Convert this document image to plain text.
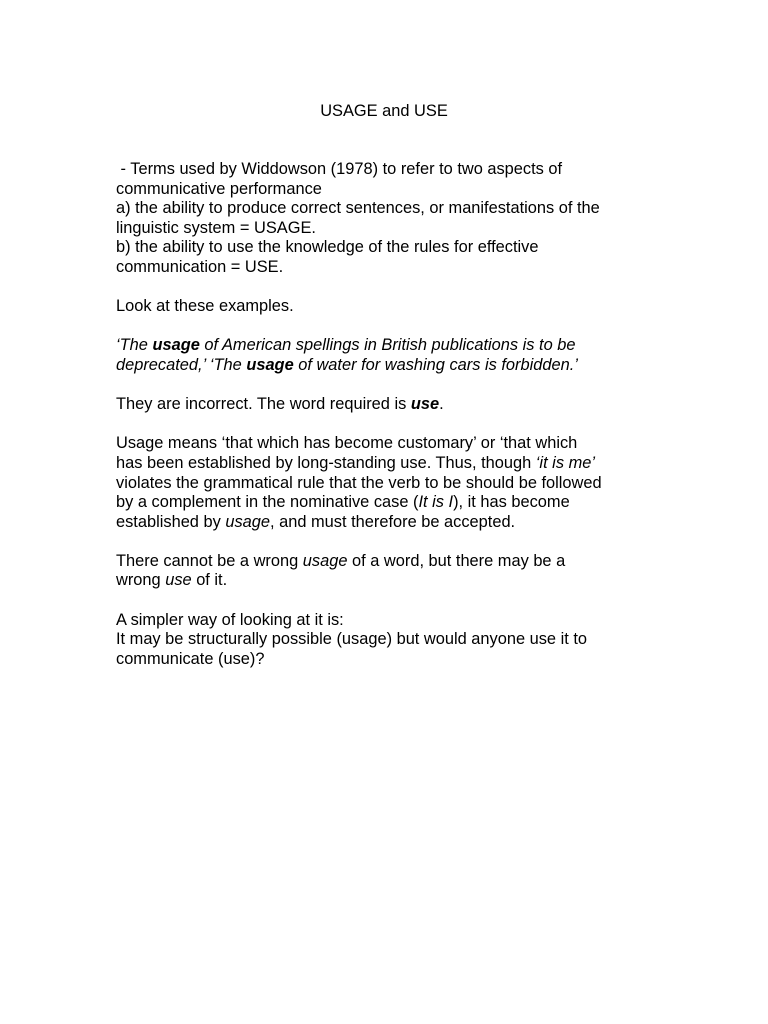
USAGE and USE

- Terms used by Widdowson (1978) to refer to two aspects of

communicative performance

a) the ability to produce correct sentences, or manifestations of the

linguistic system = USAGE.

b) the ability to use the knowledge of the rules for effective

communication = USE.

Look at these examples.

‘The usage of American spellings in British publications is to be

deprecated,’ ‘The usage of water for washing cars is forbidden.’

They are incorrect. The word required is use.

Usage means ‘that which has become customary’ or ‘that which

has been established by long-standing use. Thus, though ‘it is me’

violates the grammatical rule that the verb to be should be followed

by a complement in the nominative case (It is I), it has become

established by usage, and must therefore be accepted.

There cannot be a wrong usage of a word, but there may be a

wrong use of it.

A simpler way of looking at it is:

It may be structurally possible (usage) but would anyone use it to

communicate (use)?
